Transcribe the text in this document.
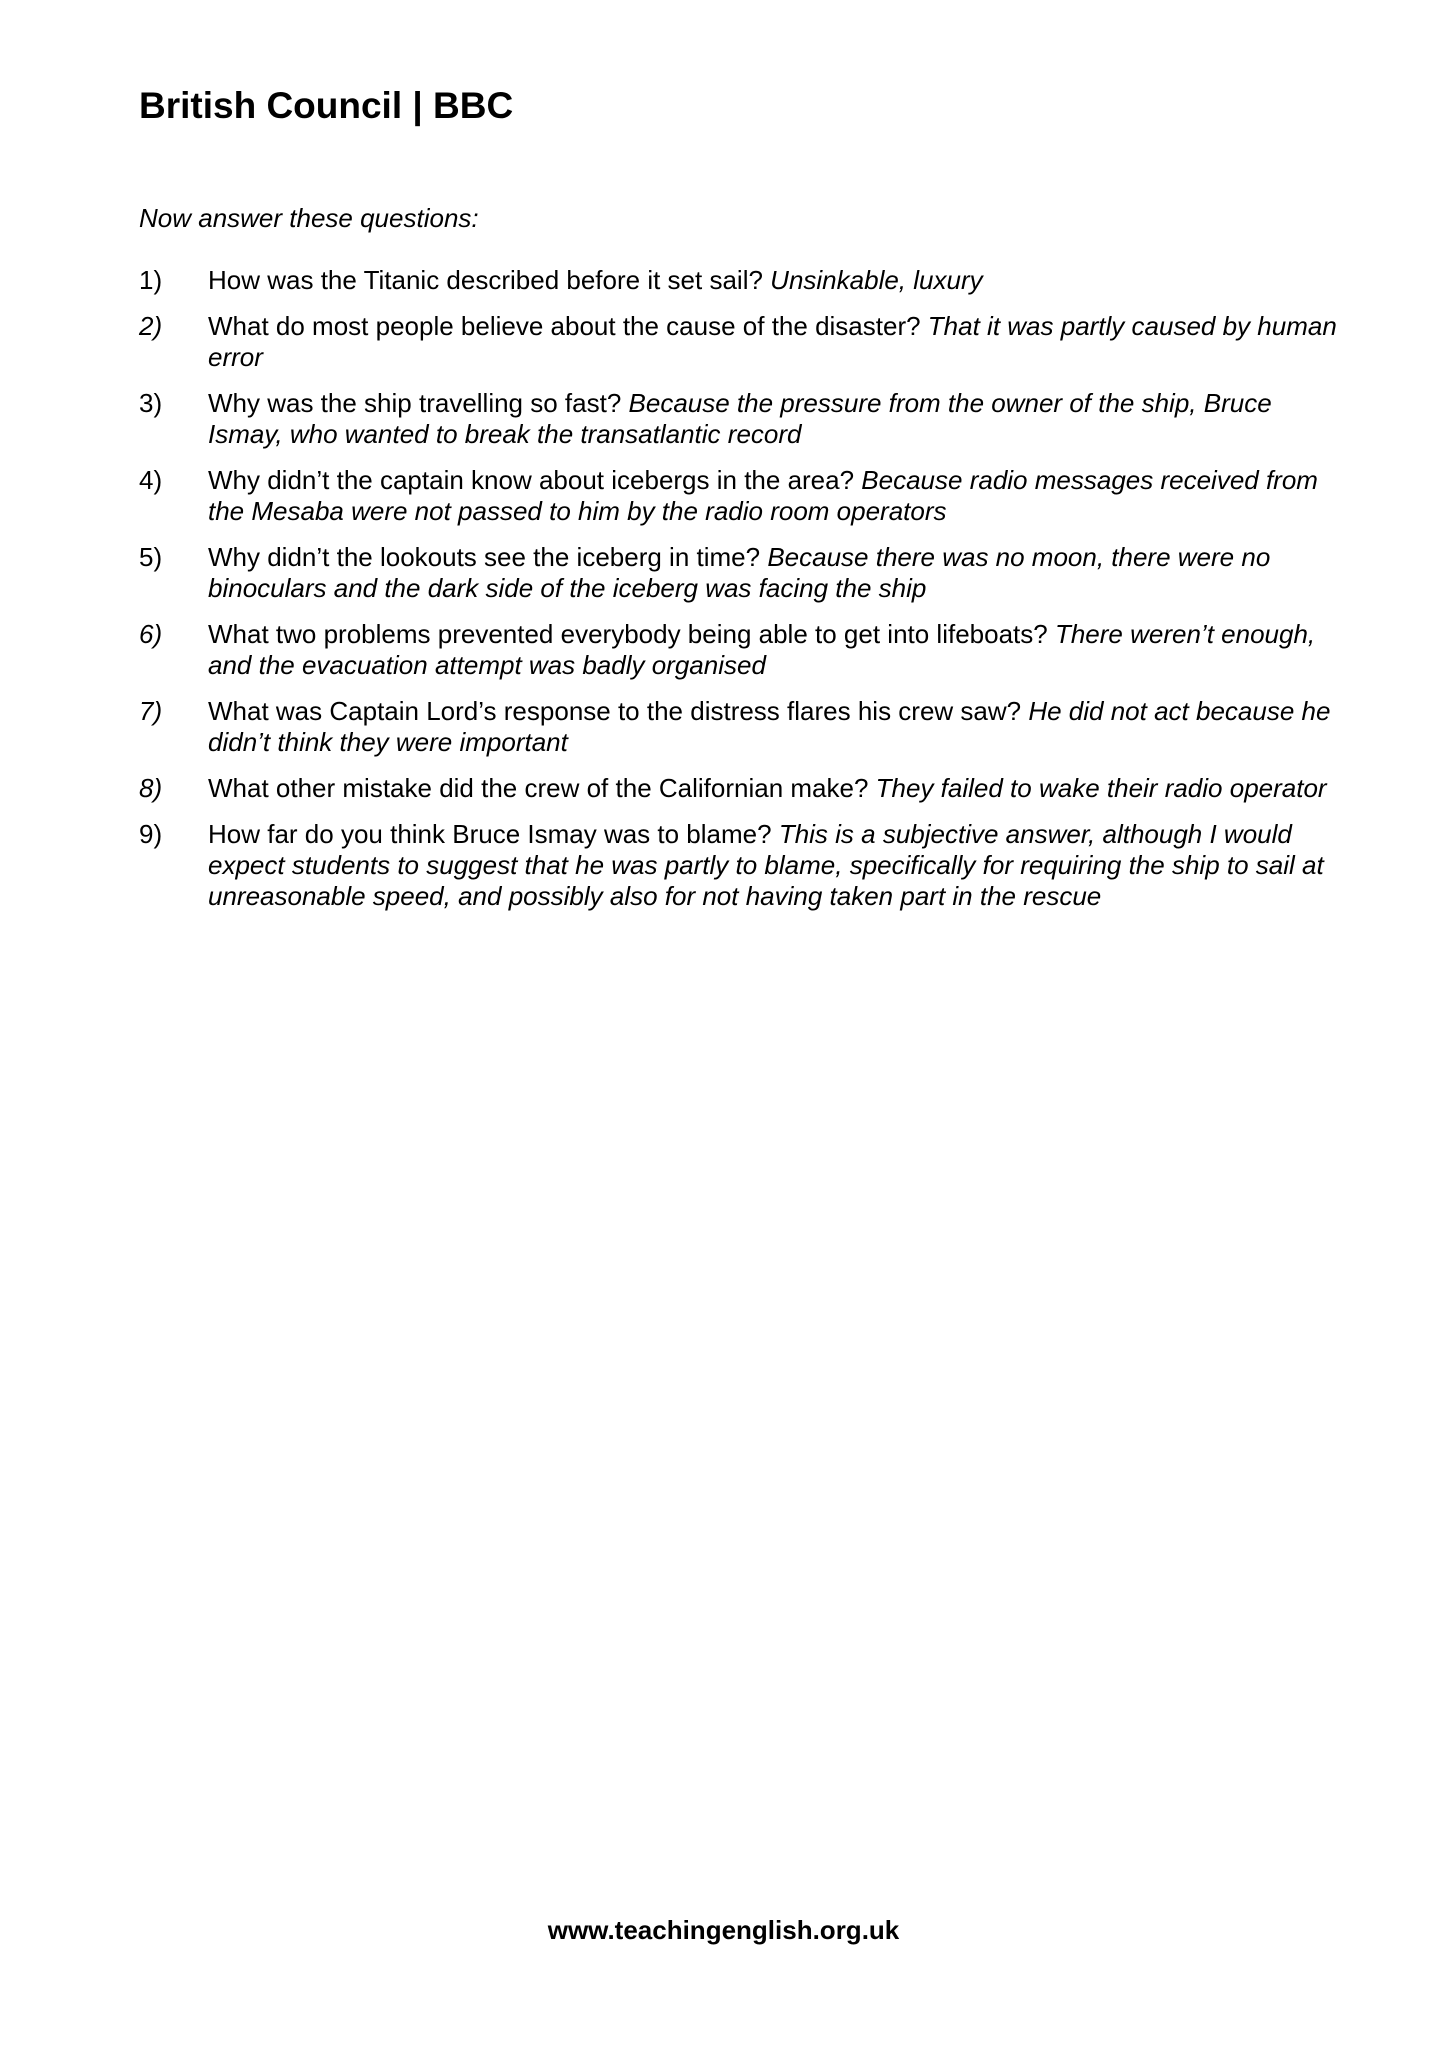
British Council | BBC
Now answer these questions:
1)	How was the Titanic described before it set sail? Unsinkable, luxury
2)	What do most people believe about the cause of the disaster? That it was partly caused by human error
3)	Why was the ship travelling so fast? Because the pressure from the owner of the ship, Bruce Ismay, who wanted to break the transatlantic record
4)	Why didn’t the captain know about icebergs in the area? Because radio messages received from the Mesaba were not passed to him by the radio room operators
5)	Why didn’t the lookouts see the iceberg in time? Because there was no moon, there were no binoculars and the dark side of the iceberg was facing the ship
6)	What two problems prevented everybody being able to get into lifeboats? There weren’t enough, and the evacuation attempt was badly organised
7)	What was Captain Lord’s response to the distress flares his crew saw? He did not act because he didn’t think they were important
8)	What other mistake did the crew of the Californian make? They failed to wake their radio operator
9)	How far do you think Bruce Ismay was to blame? This is a subjective answer, although I would expect students to suggest that he was partly to blame, specifically for requiring the ship to sail at unreasonable speed, and possibly also for not having taken part in the rescue
www.teachingenglish.org.uk
